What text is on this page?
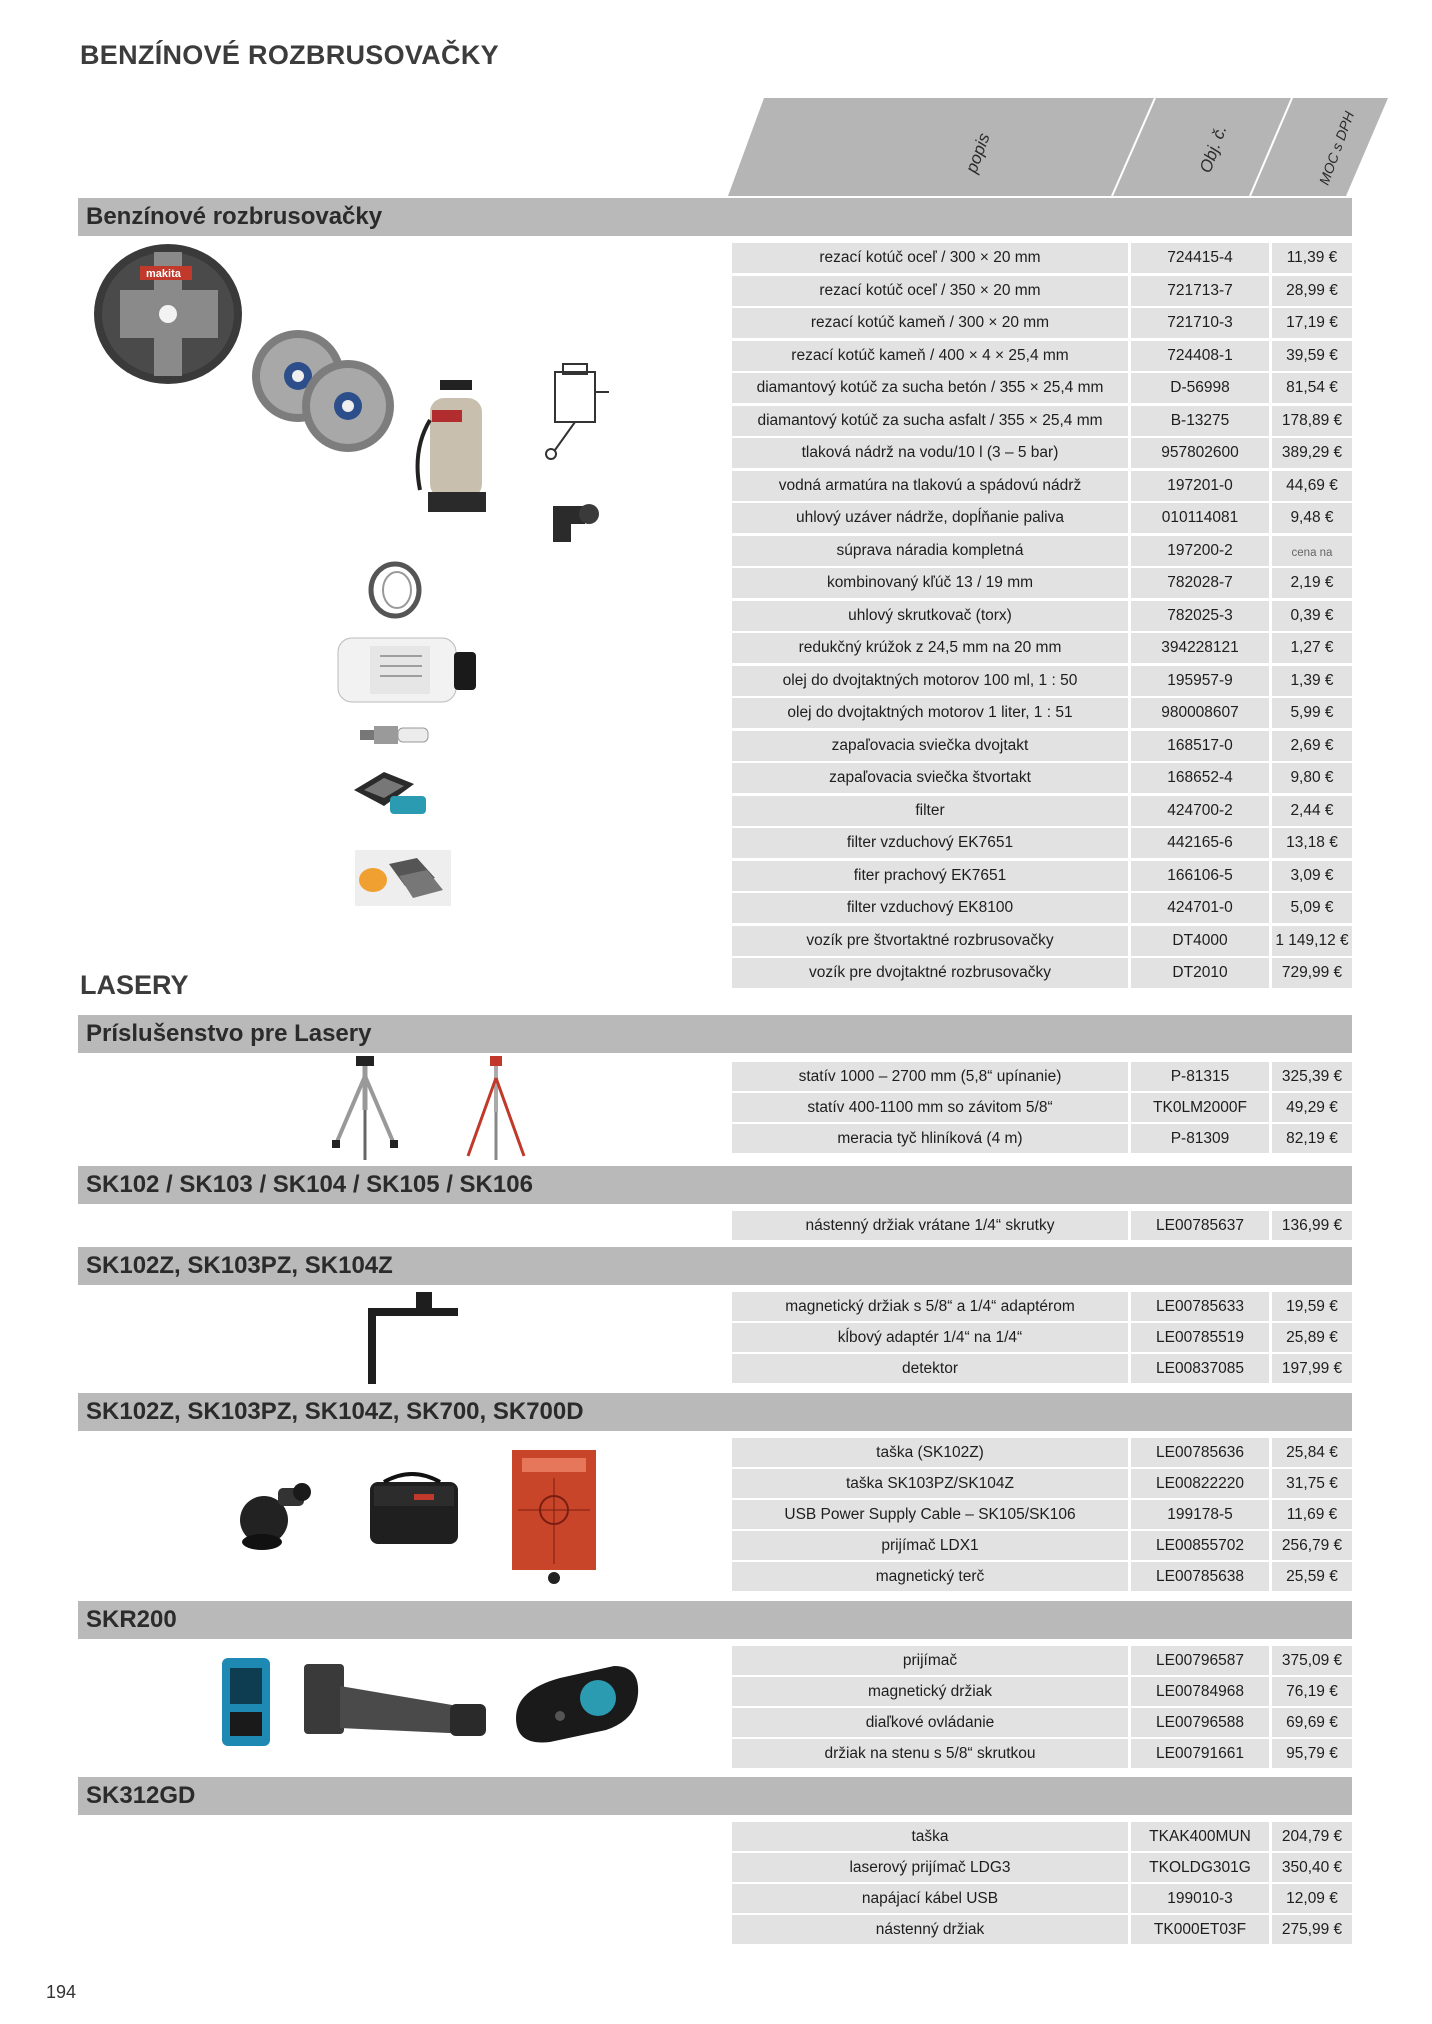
BENZÍNOVÉ ROZBRUSOVAČKY
popis	Obj. č.	MOC s DPH
Benzínové rozbrusovačky
rezací kotúč oceľ / 300 × 20 mm	724415-4	11,39 €
rezací kotúč oceľ / 350 × 20 mm	721713-7	28,99 €
rezací kotúč kameň / 300 × 20 mm	721710-3	17,19 €
rezací kotúč kameň / 400 × 4 × 25,4 mm	724408-1	39,59 €
diamantový kotúč za sucha betón / 355 × 25,4 mm	D-56998	81,54 €
diamantový kotúč za sucha asfalt / 355 × 25,4 mm	B-13275	178,89 €
tlaková nádrž na vodu/10 l (3 – 5 bar)	957802600	389,29 €
vodná armatúra na tlakovú a spádovú nádrž	197201-0	44,69 €
uhlový uzáver nádrže, dopĺňanie paliva	010114081	9,48 €
súprava náradia kompletná	197200-2	cena na
kombinovaný kľúč 13 / 19 mm	782028-7	2,19 €
uhlový skrutkovač (torx)	782025-3	0,39 €
redukčný krúžok z 24,5 mm na 20 mm	394228121	1,27 €
olej do dvojtaktných motorov 100 ml, 1 : 50	195957-9	1,39 €
olej do dvojtaktných motorov 1 liter, 1 : 51	980008607	5,99 €
zapaľovacia sviečka dvojtakt	168517-0	2,69 €
zapaľovacia sviečka štvortakt	168652-4	9,80 €
filter	424700-2	2,44 €
filter vzduchový EK7651	442165-6	13,18 €
fiter prachový EK7651	166106-5	3,09 €
filter vzduchový EK8100	424701-0	5,09 €
vozík pre štvortaktné rozbrusovačky	DT4000	1 149,12 €
vozík pre dvojtaktné rozbrusovačky	DT2010	729,99 €
makita
LASERY
Príslušenstvo pre Lasery
statív 1000 – 2700 mm (5,8“ upínanie)	P-81315	325,39 €
statív 400-1100 mm so závitom 5/8“	TK0LM2000F	49,29 €
meracia tyč hliníková (4 m)	P-81309	82,19 €
SK102 / SK103 / SK104 / SK105 / SK106
nástenný držiak vrátane 1/4“ skrutky	LE00785637	136,99 €
SK102Z, SK103PZ, SK104Z
magnetický držiak s 5/8“ a 1/4“ adaptérom	LE00785633	19,59 €
kĺbový adaptér 1/4“ na 1/4“	LE00785519	25,89 €
detektor	LE00837085	197,99 €
SK102Z, SK103PZ, SK104Z, SK700, SK700D
taška (SK102Z)	LE00785636	25,84 €
taška SK103PZ/SK104Z	LE00822220	31,75 €
USB Power Supply Cable – SK105/SK106	199178-5	11,69 €
prijímač LDX1	LE00855702	256,79 €
magnetický terč	LE00785638	25,59 €
SKR200
prijímač	LE00796587	375,09 €
magnetický držiak	LE00784968	76,19 €
diaľkové ovládanie	LE00796588	69,69 €
držiak na stenu s 5/8“ skrutkou	LE00791661	95,79 €
SK312GD
taška	TKAK400MUN	204,79 €
laserový prijímač LDG3	TKOLDG301G	350,40 €
napájací kábel USB	199010-3	12,09 €
nástenný držiak	TK000ET03F	275,99 €
194
